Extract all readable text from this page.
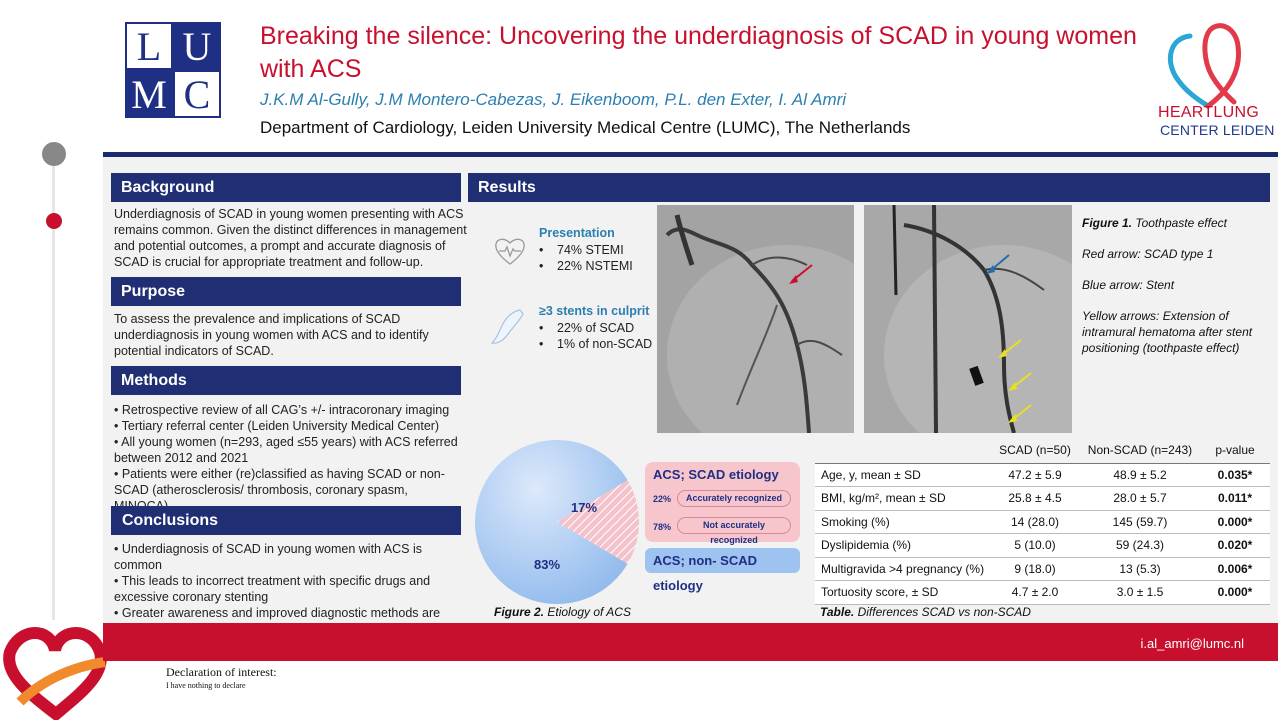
L U
M C
Breaking the silence: Uncovering the underdiagnosis of SCAD in young women with ACS
J.K.M Al-Gully, J.M Montero-Cabezas, J. Eikenboom, P.L. den Exter, I. Al Amri
Department of Cardiology, Leiden University Medical Centre (LUMC), The Netherlands
HEARTLUNG
CENTER LEIDEN
Background
Underdiagnosis of SCAD in young women presenting with ACS remains common. Given the distinct differences in management and potential outcomes, a prompt and accurate diagnosis of SCAD is crucial for appropriate treatment and follow-up.
Purpose
To assess the prevalence and implications of SCAD underdiagnosis in young women with ACS and to identify potential indicators of SCAD.
Methods

• Retrospective review of all CAG’s +/- intracoronary imaging

• Tertiary referral center (Leiden University Medical Center)

• All young women (n=293, aged ≤55 years) with ACS referred between 2012 and 2021

• Patients were either (re)classified as having SCAD or non-SCAD (atherosclerosis/ thrombosis, coronary spasm,

Conclusions

• Underdiagnosis of SCAD in young women with ACS is common

• This leads to incorrect treatment with specific drugs and excessive coronary stenting

• Greater awareness and improved diagnostic methods are

Results
Presentation
• 74% STEMI
• 22% NSTEMI
≥3 stents in culprit
• 22% of SCAD
• 1% of non-SCAD

Figure 1. Toothpaste effect

Red arrow: SCAD type 1

Blue arrow: Stent

Yellow arrows: Extension of intramural hematoma after stent positioning (toothpaste effect)

83%
17%
Figure 2. Etiology of ACS
ACS; SCAD etiology
22%	Accurately recognized
78%	Not accurately recognized
ACS; non- SCAD etiology
	SCAD (n=50)	Non-SCAD (n=243)	p-value
Age, y, mean ± SD	47.2 ± 5.9	48.9 ± 5.2	0.035*
BMI, kg/m², mean ± SD	25.8 ± 4.5	28.0 ± 5.7	0.011*
Smoking (%)	14 (28.0)	145 (59.7)	0.000*
Dyslipidemia (%)	5 (10.0)	59 (24.3)	0.020*
Multigravida >4 pregnancy (%)	9 (18.0)	13 (5.3)	0.006*
Tortuosity score, ± SD	4.7 ± 2.0	3.0 ± 1.5	0.000*
Table. Differences SCAD vs non-SCAD
i.al_amri@lumc.nl
Declaration of interest:
I have nothing to declare
